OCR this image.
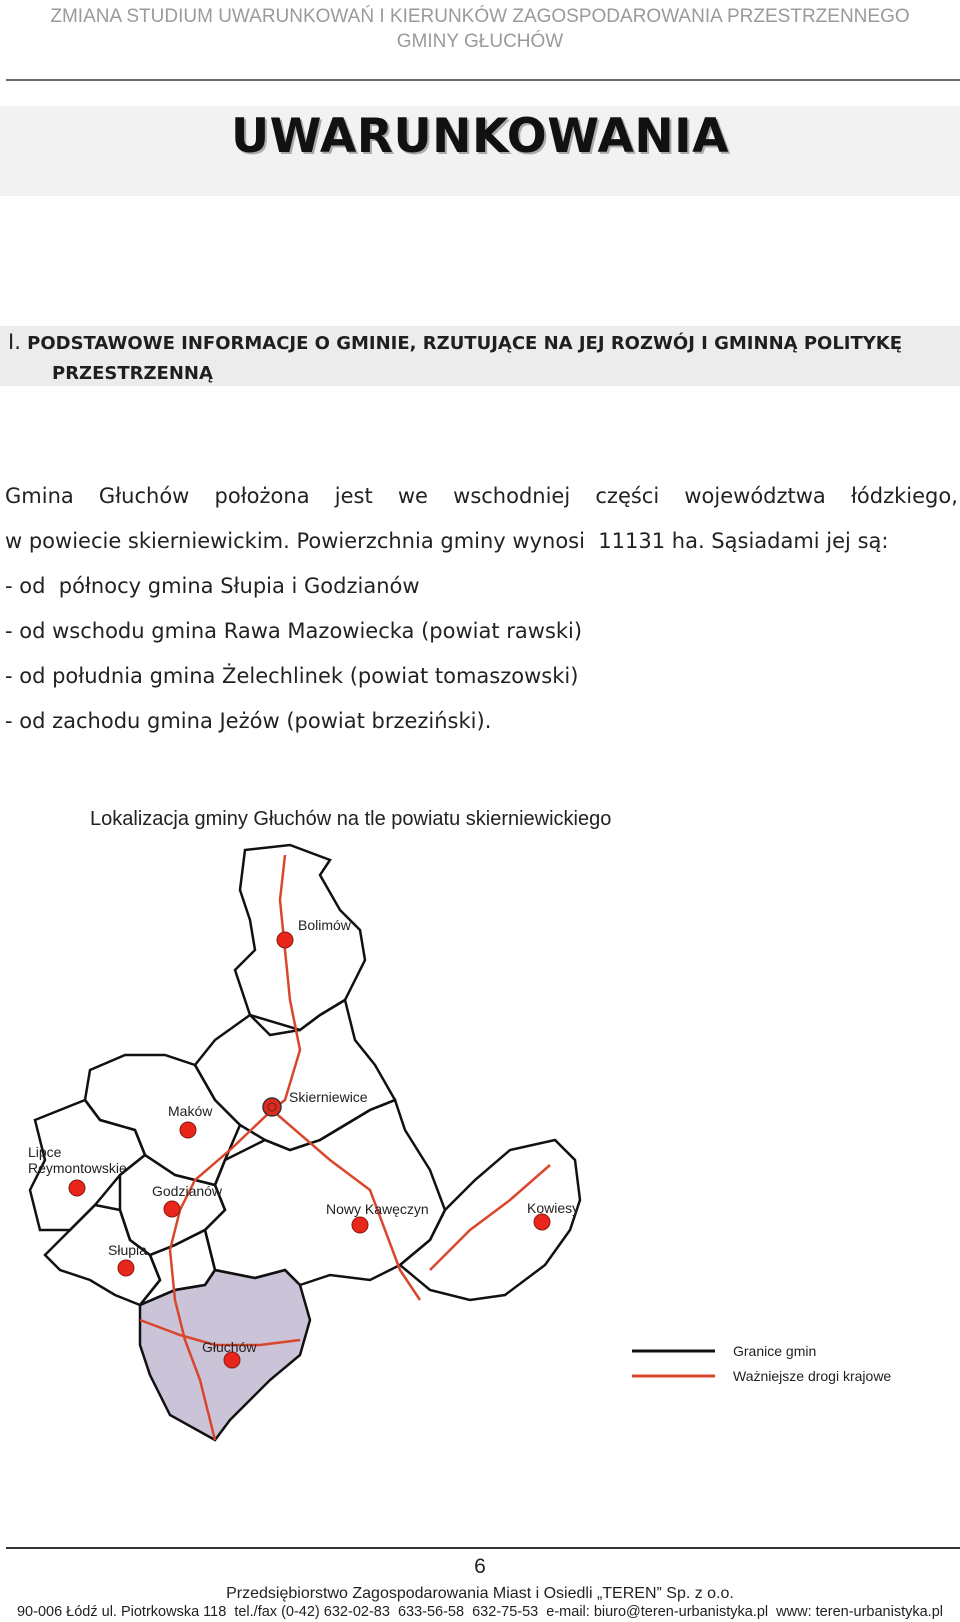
ZMIANA STUDIUM UWARUNKOWAŃ I KIERUNKÓW ZAGOSPODAROWANIA PRZESTRZENNEGO
GMINY GŁUCHÓW
UWARUNKOWANIA
I. PODSTAWOWE INFORMACJE O GMINIE, RZUTUJĄCE NA JEJ ROZWÓJ I GMINNĄ POLITYKĘ
PRZESTRZENNĄ
Gmina Głuchów położona jest we wschodniej części województwa łódzkiego,
w powiecie skierniewickim. Powierzchnia gminy wynosi  11131 ha. Sąsiadami jej są:
- od  północy gmina Słupia i Godzianów
- od wschodu gmina Rawa Mazowiecka (powiat rawski)
- od południa gmina Żelechlinek (powiat tomaszowski)
- od zachodu gmina Jeżów (powiat brzeziński).
Lokalizacja gminy Głuchów na tle powiatu skierniewickiego
Bolimów
Skierniewice
Maków
Lipce
Reymontowskie
Godzianów
Nowy Kawęczyn	Kowiesy
Słupia
Głuchów	Granice gmin
Ważniejsze drogi krajowe
6
Przedsiębiorstwo Zagospodarowania Miast i Osiedli „TEREN” Sp. z o.o.
90-006 Łódź ul. Piotrkowska 118  tel./fax (0-42) 632-02-83  633-56-58  632-75-53  e-mail: biuro@teren-urbanistyka.pl  www: teren-urbanistyka.pl
